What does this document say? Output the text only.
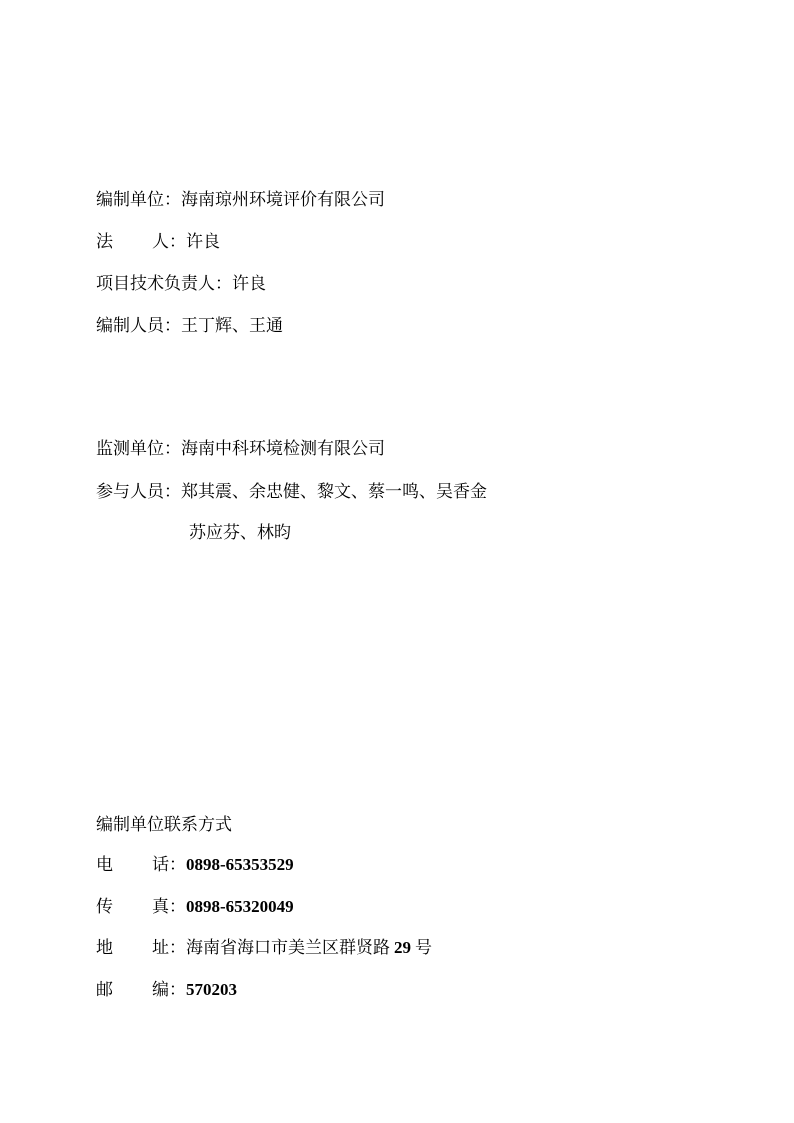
编制单位：海南琼州环境评价有限公司
法 人：许良
项目技术负责人：许良
编制人员：王丁辉、王通
监测单位：海南中科环境检测有限公司
参与人员：郑其震、余忠健、黎文、蔡一鸣、吴香金
苏应芬、林昀
编制单位联系方式
电 话：0898-65353529
传 真：0898-65320049
地 址：海南省海口市美兰区群贤路 29 号
邮 编：570203
